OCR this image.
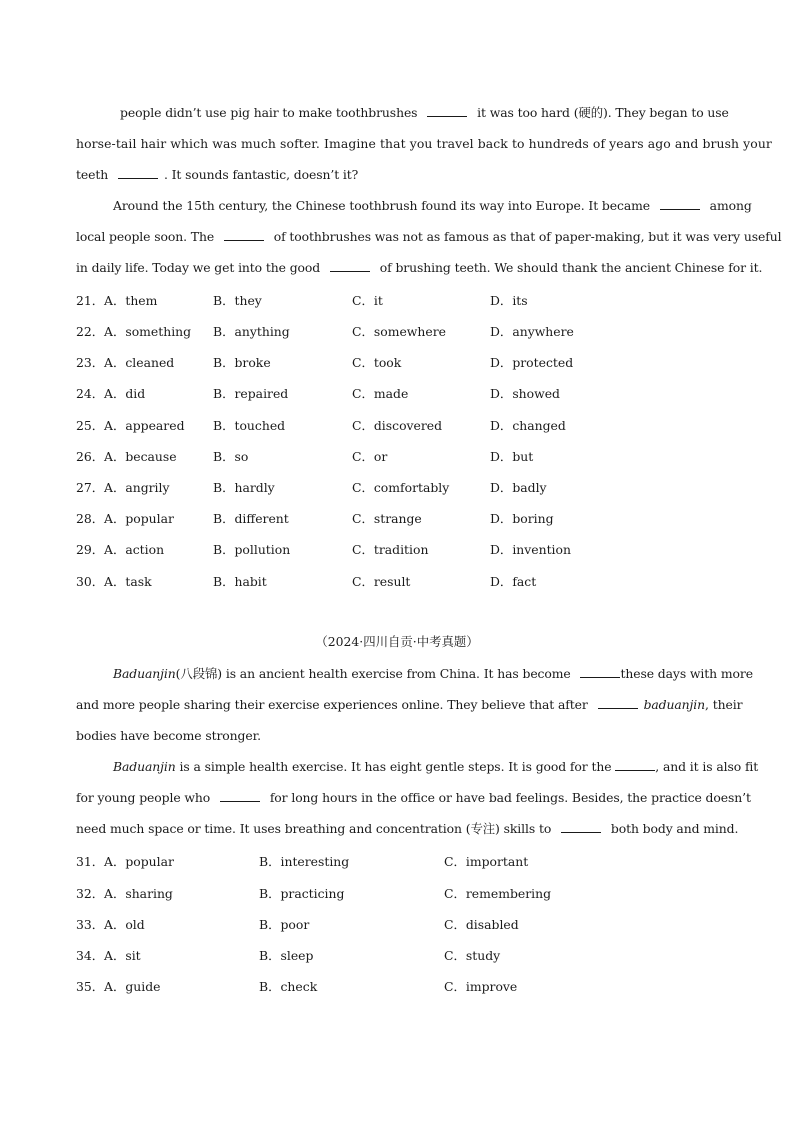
people didn’t use pig hair to make toothbrushes	it was too hard (硬的). They began to use
horse-tail hair which was much softer. Imagine that you travel back to hundreds of years ago and brush your
teeth	. It sounds fantastic, doesn’t it?
Around the 15th century, the Chinese toothbrush found its way into Europe. It became	among
local people soon. The	of toothbrushes was not as famous as that of paper-making, but it was very useful
in daily life. Today we get into the good	of brushing teeth. We should thank the ancient Chinese for it.
21． A．them	B．they	C．it	D．its
22． A．something B．anything	C．somewhere	D．anywhere
23． A．cleaned	B．broke	C．took	D．protected
24． A．did	B．repaired	C．made	D．showed
25． A．appeared B．touched	C．discovered	D．changed
26． A．because	B．so	C．or	D．but
27． A．angrily	B．hardly	C．comfortably	D．badly
28． A．popular	B．different	C．strange	D．boring
29． A．action	B．pollution	C．tradition	D．invention
30． A．task	B．habit	C．result	D．fact
（2024·四川自贡·中考真题）
Baduanjin(八段锦) is an ancient health exercise from China. It has become	these days with more
and more people sharing their exercise experiences online. They believe that after	baduanjin, their
bodies have become stronger.
Baduanjin is a simple health exercise. It has eight gentle steps. It is good for the	, and it is also fit
for young people who	for long hours in the office or have bad feelings. Besides, the practice doesn’t
need much space or time. It uses breathing and concentration (专注) skills to	both body and mind.
31． A．popular	B．interesting	C．important
32． A．sharing	B．practicing	C．remembering
33． A．old	B．poor	C．disabled
34． A．sit	B．sleep	C．study
35． A．guide	B．check	C．improve
